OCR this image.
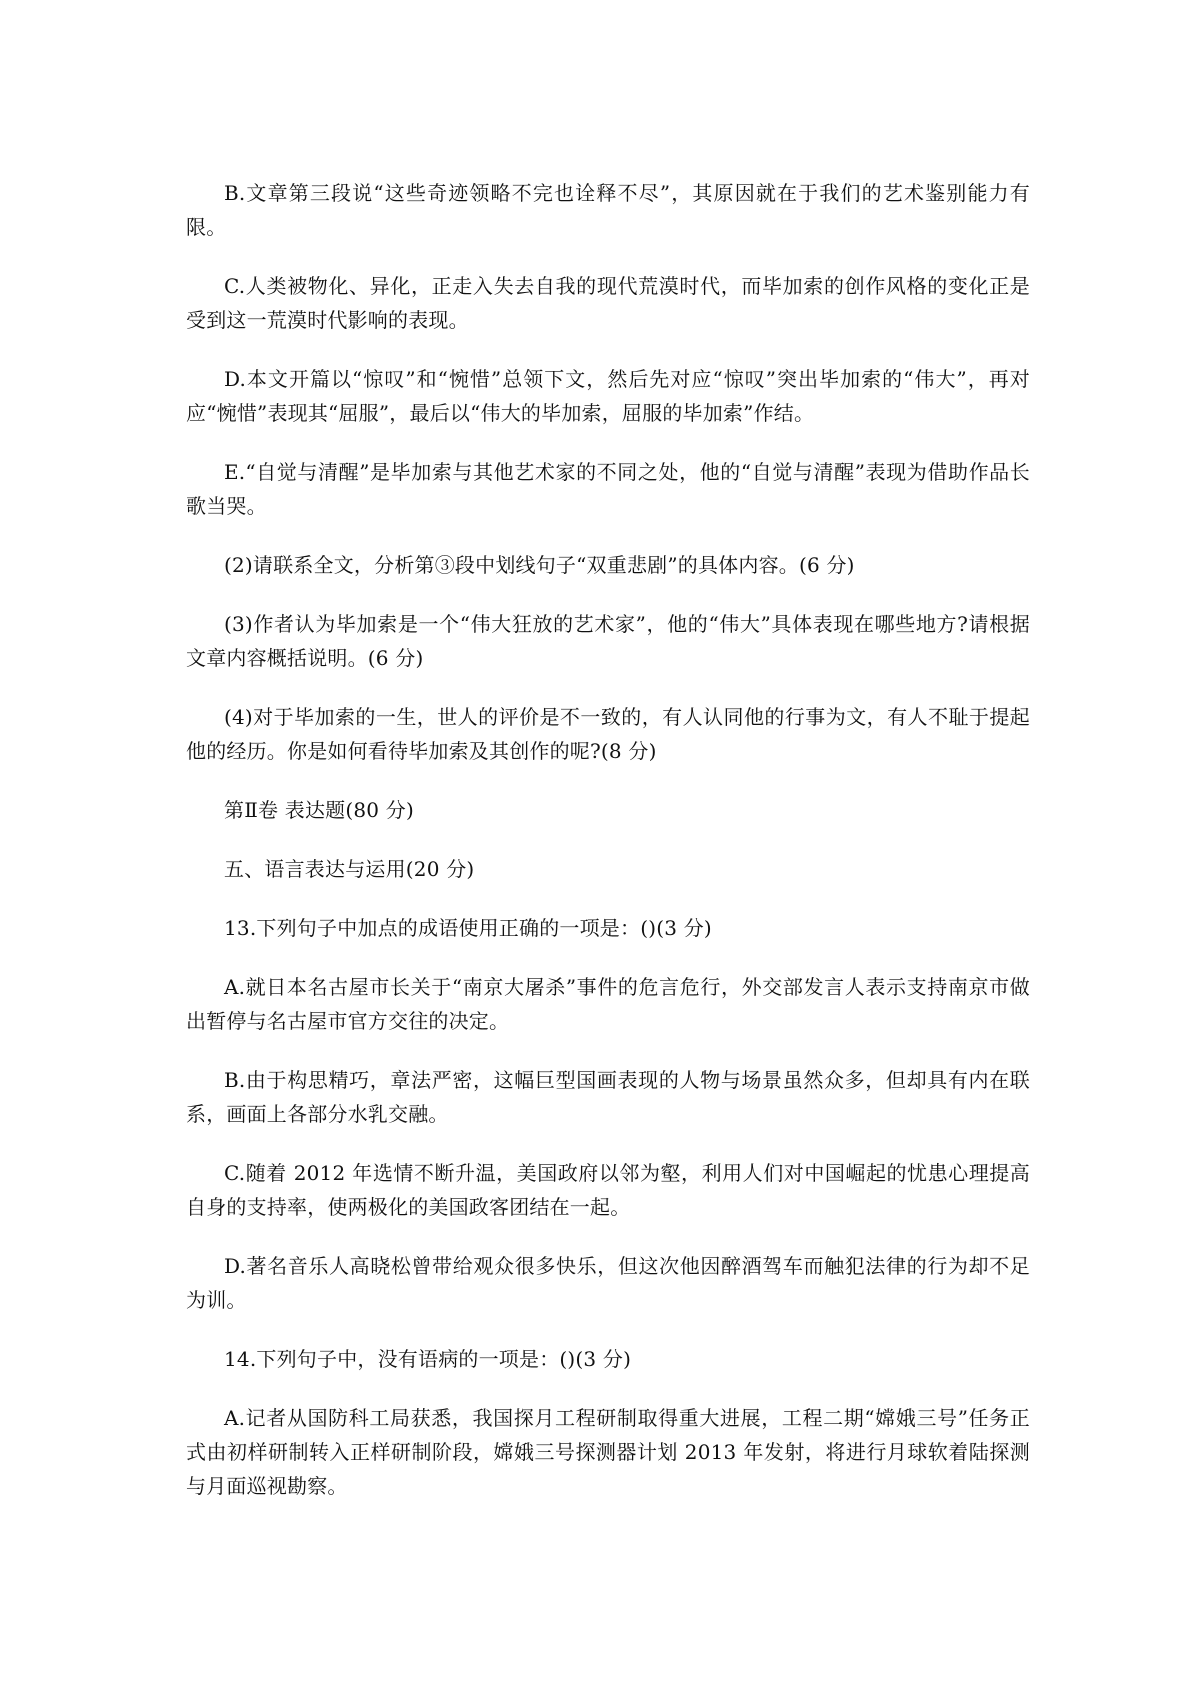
B.文章第三段说“这些奇迹领略不完也诠释不尽”，其原因就在于我们的艺术鉴别能力有限。

C.人类被物化、异化，正走入失去自我的现代荒漠时代，而毕加索的创作风格的变化正是受到这一荒漠时代影响的表现。

D.本文开篇以“惊叹”和“惋惜”总领下文，然后先对应“惊叹”突出毕加索的“伟大”，再对应“惋惜”表现其“屈服”，最后以“伟大的毕加索，屈服的毕加索”作结。

E.“自觉与清醒”是毕加索与其他艺术家的不同之处，他的“自觉与清醒”表现为借助作品长歌当哭。

(2)请联系全文，分析第③段中划线句子“双重悲剧”的具体内容。(6 分)

(3)作者认为毕加索是一个“伟大狂放的艺术家”，他的“伟大”具体表现在哪些地方?请根据文章内容概括说明。(6 分)

(4)对于毕加索的一生，世人的评价是不一致的，有人认同他的行事为文，有人不耻于提起他的经历。你是如何看待毕加索及其创作的呢?(8 分)

第Ⅱ卷 表达题(80 分)

五、语言表达与运用(20 分)

13.下列句子中加点的成语使用正确的一项是：()(3 分)

A.就日本名古屋市长关于“南京大屠杀”事件的危言危行，外交部发言人表示支持南京市做出暂停与名古屋市官方交往的决定。

B.由于构思精巧，章法严密，这幅巨型国画表现的人物与场景虽然众多，但却具有内在联系，画面上各部分水乳交融。

C.随着 2012 年选情不断升温，美国政府以邻为壑，利用人们对中国崛起的忧患心理提高自身的支持率，使两极化的美国政客团结在一起。

D.著名音乐人高晓松曾带给观众很多快乐，但这次他因醉酒驾车而触犯法律的行为却不足为训。

14.下列句子中，没有语病的一项是：()(3 分)

A.记者从国防科工局获悉，我国探月工程研制取得重大进展，工程二期“嫦娥三号”任务正式由初样研制转入正样研制阶段，嫦娥三号探测器计划 2013 年发射，将进行月球软着陆探测与月面巡视勘察。
